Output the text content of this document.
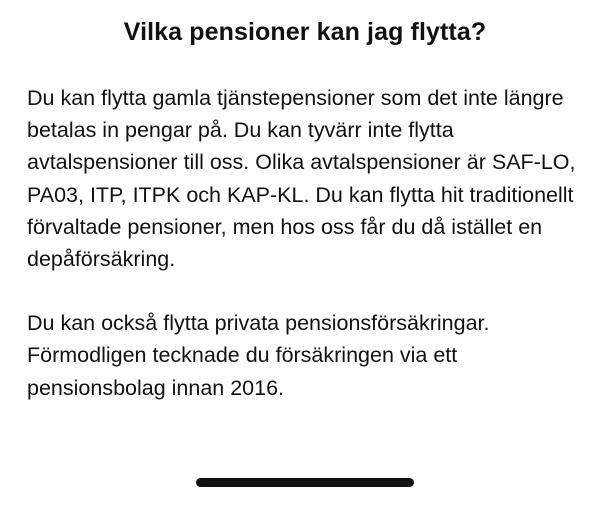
Vilka pensioner kan jag flytta?

Du kan flytta gamla tjänstepensioner som det inte längre betalas in pengar på. Du kan tyvärr inte flytta avtalspensioner till oss. Olika avtalspensioner är SAF-LO, PA03, ITP, ITPK och KAP-KL. Du kan flytta hit traditionellt förvaltade pensioner, men hos oss får du då istället en depåförsäkring.

Du kan också flytta privata pensionsförsäkringar. Förmodligen tecknade du försäkringen via ett pensionsbolag innan 2016.
